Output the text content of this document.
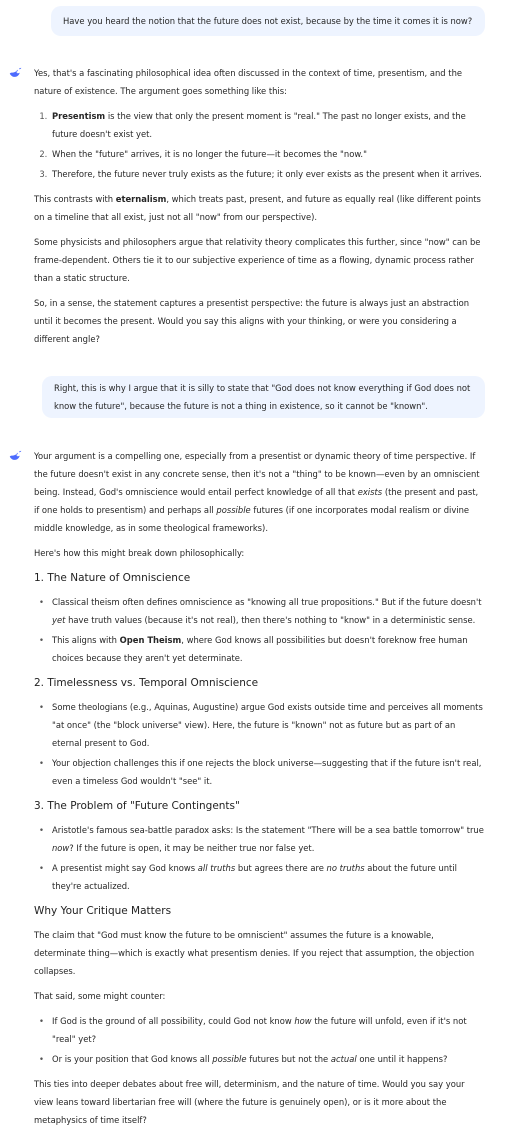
Have you heard the notion that the future does not exist, because by the time it comes it is now?

Yes, that's a fascinating philosophical idea often discussed in the context of time, presentism, and the nature of existence. The argument goes something like this:

1. Presentism is the view that only the present moment is "real." The past no longer exists, and the future doesn't exist yet.
2. When the "future" arrives, it is no longer the future—it becomes the "now."
3. Therefore, the future never truly exists as the future; it only ever exists as the present when it arrives.

This contrasts with eternalism, which treats past, present, and future as equally real (like different points on a timeline that all exist, just not all "now" from our perspective).

Some physicists and philosophers argue that relativity theory complicates this further, since "now" can be frame-dependent. Others tie it to our subjective experience of time as a flowing, dynamic process rather than a static structure.

So, in a sense, the statement captures a presentist perspective: the future is always just an abstraction until it becomes the present. Would you say this aligns with your thinking, or were you considering a different angle?

Right, this is why I argue that it is silly to state that "God does not know everything if God does not know the future", because the future is not a thing in existence, so it cannot be "known".

Your argument is a compelling one, especially from a presentist or dynamic theory of time perspective. If the future doesn't exist in any concrete sense, then it's not a "thing" to be known—even by an omniscient being. Instead, God's omniscience would entail perfect knowledge of all that exists (the present and past, if one holds to presentism) and perhaps all possible futures (if one incorporates modal realism or divine middle knowledge, as in some theological frameworks).

Here's how this might break down philosophically:

1. The Nature of Omniscience
• Classical theism often defines omniscience as "knowing all true propositions." But if the future doesn't yet have truth values (because it's not real), then there's nothing to "know" in a deterministic sense.
• This aligns with Open Theism, where God knows all possibilities but doesn't foreknow free human choices because they aren't yet determinate.
2. Timelessness vs. Temporal Omniscience
• Some theologians (e.g., Aquinas, Augustine) argue God exists outside time and perceives all moments "at once" (the "block universe" view). Here, the future is "known" not as future but as part of an eternal present to God.
• Your objection challenges this if one rejects the block universe—suggesting that if the future isn't real, even a timeless God wouldn't "see" it.
3. The Problem of "Future Contingents"
• Aristotle's famous sea-battle paradox asks: Is the statement "There will be a sea battle tomorrow" true now? If the future is open, it may be neither true nor false yet.
• A presentist might say God knows all truths but agrees there are no truths about the future until they're actualized.
Why Your Critique Matters

The claim that "God must know the future to be omniscient" assumes the future is a knowable, determinate thing—which is exactly what presentism denies. If you reject that assumption, the objection collapses.

That said, some might counter:

• If God is the ground of all possibility, could God not know how the future will unfold, even if it's not "real" yet?
• Or is your position that God knows all possible futures but not the actual one until it happens?

This ties into deeper debates about free will, determinism, and the nature of time. Would you say your view leans toward libertarian free will (where the future is genuinely open), or is it more about the metaphysics of time itself?
